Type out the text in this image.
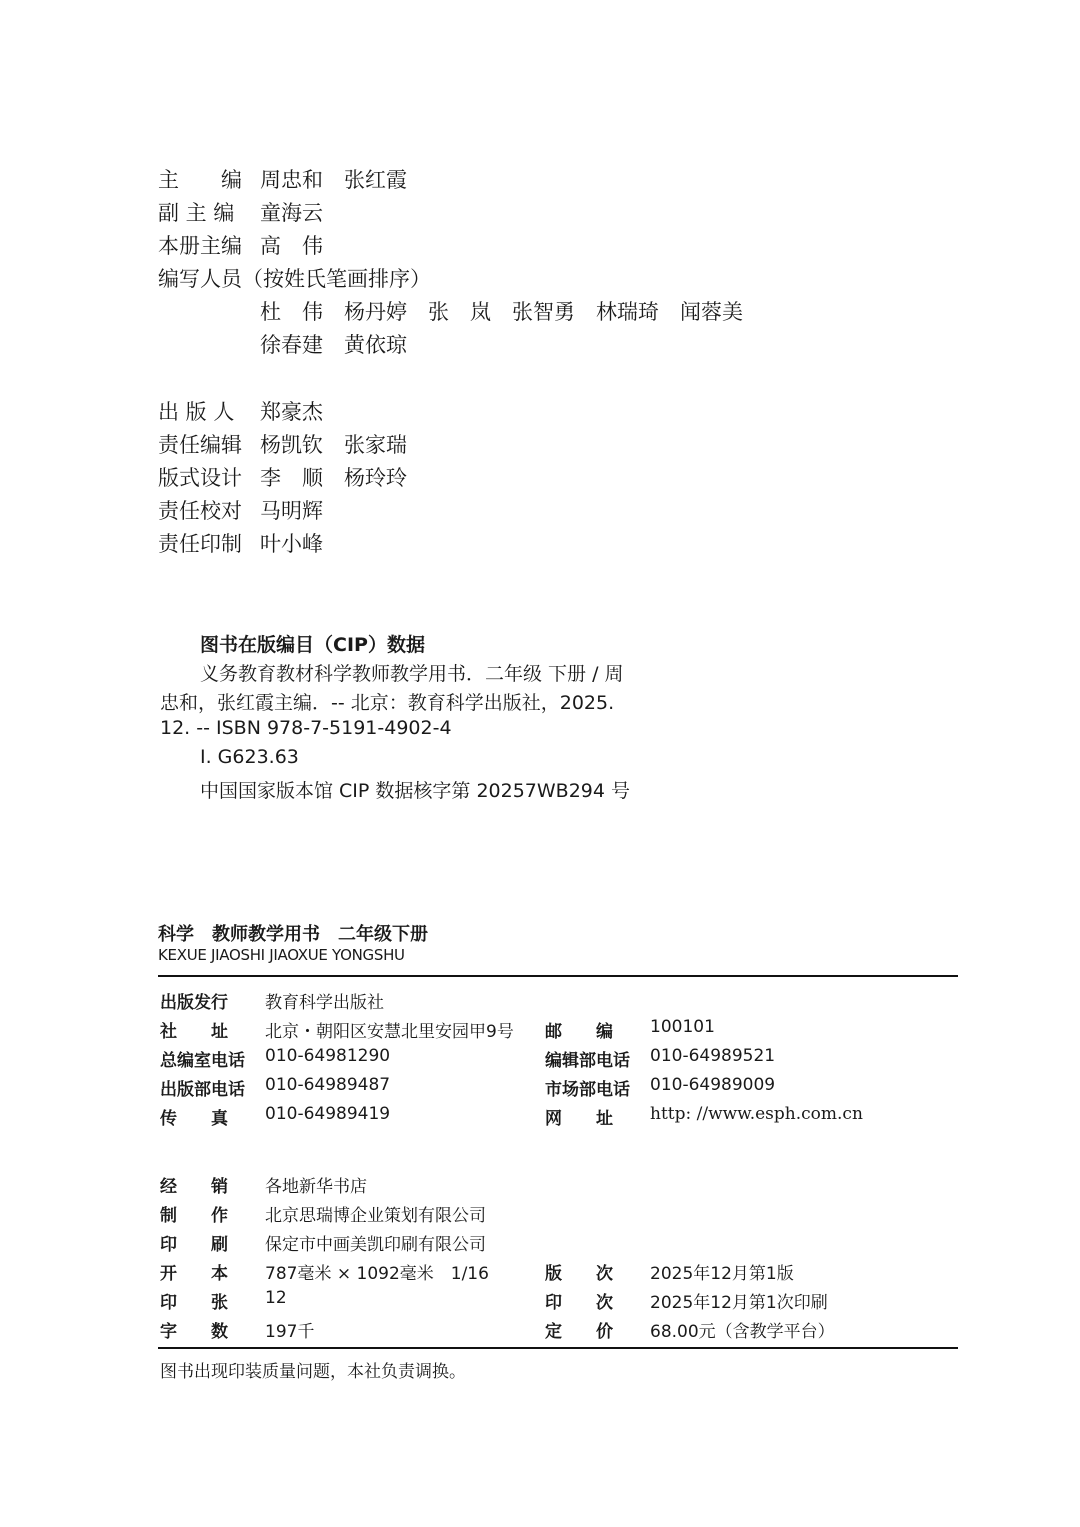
主　　编 周忠和　张红霞
副 主 编 童海云
本册主编 高　伟
编写人员（按姓氏笔画排序）
杜　伟　杨丹婷　张　岚　张智勇　林瑞琦　闻蓉美
徐春建　黄依琼
出 版 人 郑豪杰
责任编辑 杨凯钦　张家瑞
版式设计 李　顺　杨玲玲
责任校对 马明辉
责任印制 叶小峰
图书在版编目（CIP）数据
义务教育教材科学教师教学用书．二年级 下册 / 周
忠和，张红霞主编．-- 北京：教育科学出版社，2025.
12. -- ISBN 978-7-5191-4902-4
Ⅰ. G623.63
中国国家版本馆 CIP 数据核字第 20257WB294 号
科学　教师教学用书　二年级下册
KEXUE JIAOSHI JIAOXUE YONGSHU
出版发行 教育科学出版社
社　　址 北京・朝阳区安慧北里安园甲9号 邮　　编 100101
总编室电话 010-64981290	编辑部电话 010-64989521
出版部电话 010-64989487	市场部电话 010-64989009
传　　真 010-64989419	网　　址 http: //www.esph.com.cn
经　　销 各地新华书店
制　　作 北京思瑞博企业策划有限公司
印　　刷 保定市中画美凯印刷有限公司
开　　本 787毫米 × 1092毫米　1/16	版　　次 2025年12月第1版
印　　张 12	印　　次 2025年12月第1次印刷
字　　数 197千	定　　价 68.00元（含教学平台）
图书出现印装质量问题，本社负责调换。
